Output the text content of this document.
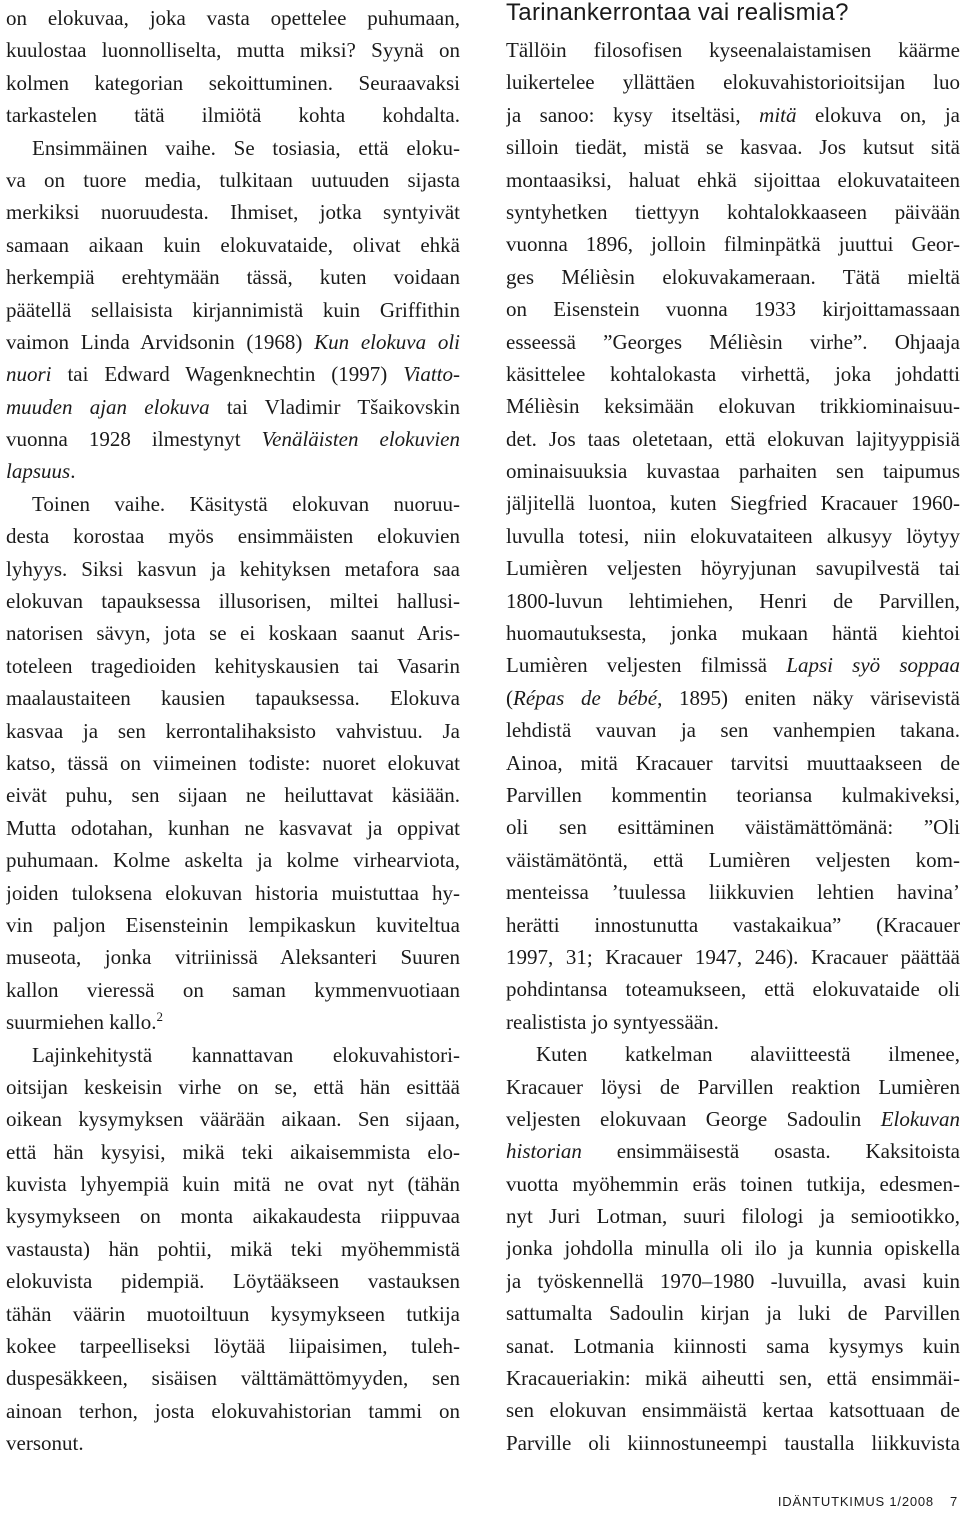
Tarinankerrontaa vai realismia?
on elokuvaa, joka vasta opettelee puhumaan,
kuulostaa luonnolliselta, mutta miksi? Syynä on
kolmen kategorian sekoittuminen. Seuraavaksi
tarkastelen tätä ilmiötä kohta kohdalta.
Ensimmäinen vaihe. Se tosiasia, että eloku-
va on tuore media, tulkitaan uutuuden sijasta
merkiksi nuoruudesta. Ihmiset, jotka syntyivät
samaan aikaan kuin elokuvataide, olivat ehkä
herkempiä erehtymään tässä, kuten voidaan
päätellä sellaisista kirjannimistä kuin Griffithin
vaimon Linda Arvidsonin (1968) Kun elokuva oli
nuori tai Edward Wagenknechtin (1997) Viatto-
muuden ajan elokuva tai Vladimir Tšaikovskin
vuonna 1928 ilmestynyt Venäläisten elokuvien
lapsuus.
Toinen vaihe. Käsitystä elokuvan nuoruu-
desta korostaa myös ensimmäisten elokuvien
lyhyys. Siksi kasvun ja kehityksen metafora saa
elokuvan tapauksessa illusorisen, miltei hallusi-
natorisen sävyn, jota se ei koskaan saanut Aris-
toteleen tragedioiden kehityskausien tai Vasarin
maalaustaiteen kausien tapauksessa. Elokuva
kasvaa ja sen kerrontalihaksisto vahvistuu. Ja
katso, tässä on viimeinen todiste: nuoret elokuvat
eivät puhu, sen sijaan ne heiluttavat käsiään.
Mutta odotahan, kunhan ne kasvavat ja oppivat
puhumaan. Kolme askelta ja kolme virhearviota,
joiden tuloksena elokuvan historia muistuttaa hy-
vin paljon Eisensteinin lempikaskun kuviteltua
museota, jonka vitriinissä Aleksanteri Suuren
kallon vieressä on saman kymmenvuotiaan
suurmiehen kallo.$^2$
Lajinkehitystä kannattavan elokuvahistori-
oitsijan keskeisin virhe on se, että hän esittää
oikean kysymyksen väärään aikaan. Sen sijaan,
että hän kysyisi, mikä teki aikaisemmista elo-
kuvista lyhyempiä kuin mitä ne ovat nyt (tähän
kysymykseen on monta aikakaudesta riippuvaa
vastausta) hän pohtii, mikä teki myöhemmistä
elokuvista pidempiä. Löytääkseen vastauksen
tähän väärin muotoiltuun kysymykseen tutkija
kokee tarpeelliseksi löytää liipaisimen, tuleh-
duspesäkkeen, sisäisen välttämättömyyden, sen
ainoan terhon, josta elokuvahistorian tammi on
versonut.
Tällöin filosofisen kyseenalaistamisen käärme
luikertelee yllättäen elokuvahistorioitsijan luo
ja sanoo: kysy itseltäsi, mitä elokuva on, ja
silloin tiedät, mistä se kasvaa. Jos kutsut sitä
montaasiksi, haluat ehkä sijoittaa elokuvataiteen
syntyhetken tiettyyn kohtalokkaaseen päivään
vuonna 1896, jolloin filminpätkä juuttui Geor-
ges Mélièsin elokuvakameraan. Tätä mieltä
on Eisenstein vuonna 1933 kirjoittamassaan
esseessä ”Georges Mélièsin virhe”. Ohjaaja
käsittelee kohtalokasta virhettä, joka johdatti
Mélièsin keksimään elokuvan trikkiominaisuu-
det. Jos taas oletetaan, että elokuvan lajityyppisiä
ominaisuuksia kuvastaa parhaiten sen taipumus
jäljitellä luontoa, kuten Siegfried Kracauer 1960-
luvulla totesi, niin elokuvataiteen alkusyy löytyy
Lumièren veljesten höyryjunan savupilvestä tai
1800-luvun lehtimiehen, Henri de Parvillen,
huomautuksesta, jonka mukaan häntä kiehtoi
Lumièren veljesten filmissä Lapsi syö soppaa
(Répas de bébé, 1895) eniten näky värisevistä
lehdistä vauvan ja sen vanhempien takana.
Ainoa, mitä Kracauer tarvitsi muuttaakseen de
Parvillen kommentin teoriansa kulmakiveksi,
oli sen esittäminen väistämättömänä: ”Oli
väistämätöntä, että Lumièren veljesten kom-
menteissa ’tuulessa liikkuvien lehtien havina’
herätti innostunutta vastakaikua” (Kracauer
1997, 31; Kracauer 1947, 246). Kracauer päättää
pohdintansa toteamukseen, että elokuvataide oli
realistista jo syntyessään.
Kuten katkelman alaviitteestä ilmenee,
Kracauer löysi de Parvillen reaktion Lumièren
veljesten elokuvaan George Sadoulin Elokuvan
historian ensimmäisestä osasta. Kaksitoista
vuotta myöhemmin eräs toinen tutkija, edesmen-
nyt Juri Lotman, suuri filologi ja semiootikko,
jonka johdolla minulla oli ilo ja kunnia opiskella
ja työskennellä 1970–1980 -luvuilla, avasi kuin
sattumalta Sadoulin kirjan ja luki de Parvillen
sanat. Lotmania kiinnosti sama kysymys kuin
Kracaueriakin: mikä aiheutti sen, että ensimmäi-
sen elokuvan ensimmäistä kertaa katsottuaan de
Parville oli kiinnostuneempi taustalla liikkuvista
IDÄNTUTKIMUS 1/2008 7
